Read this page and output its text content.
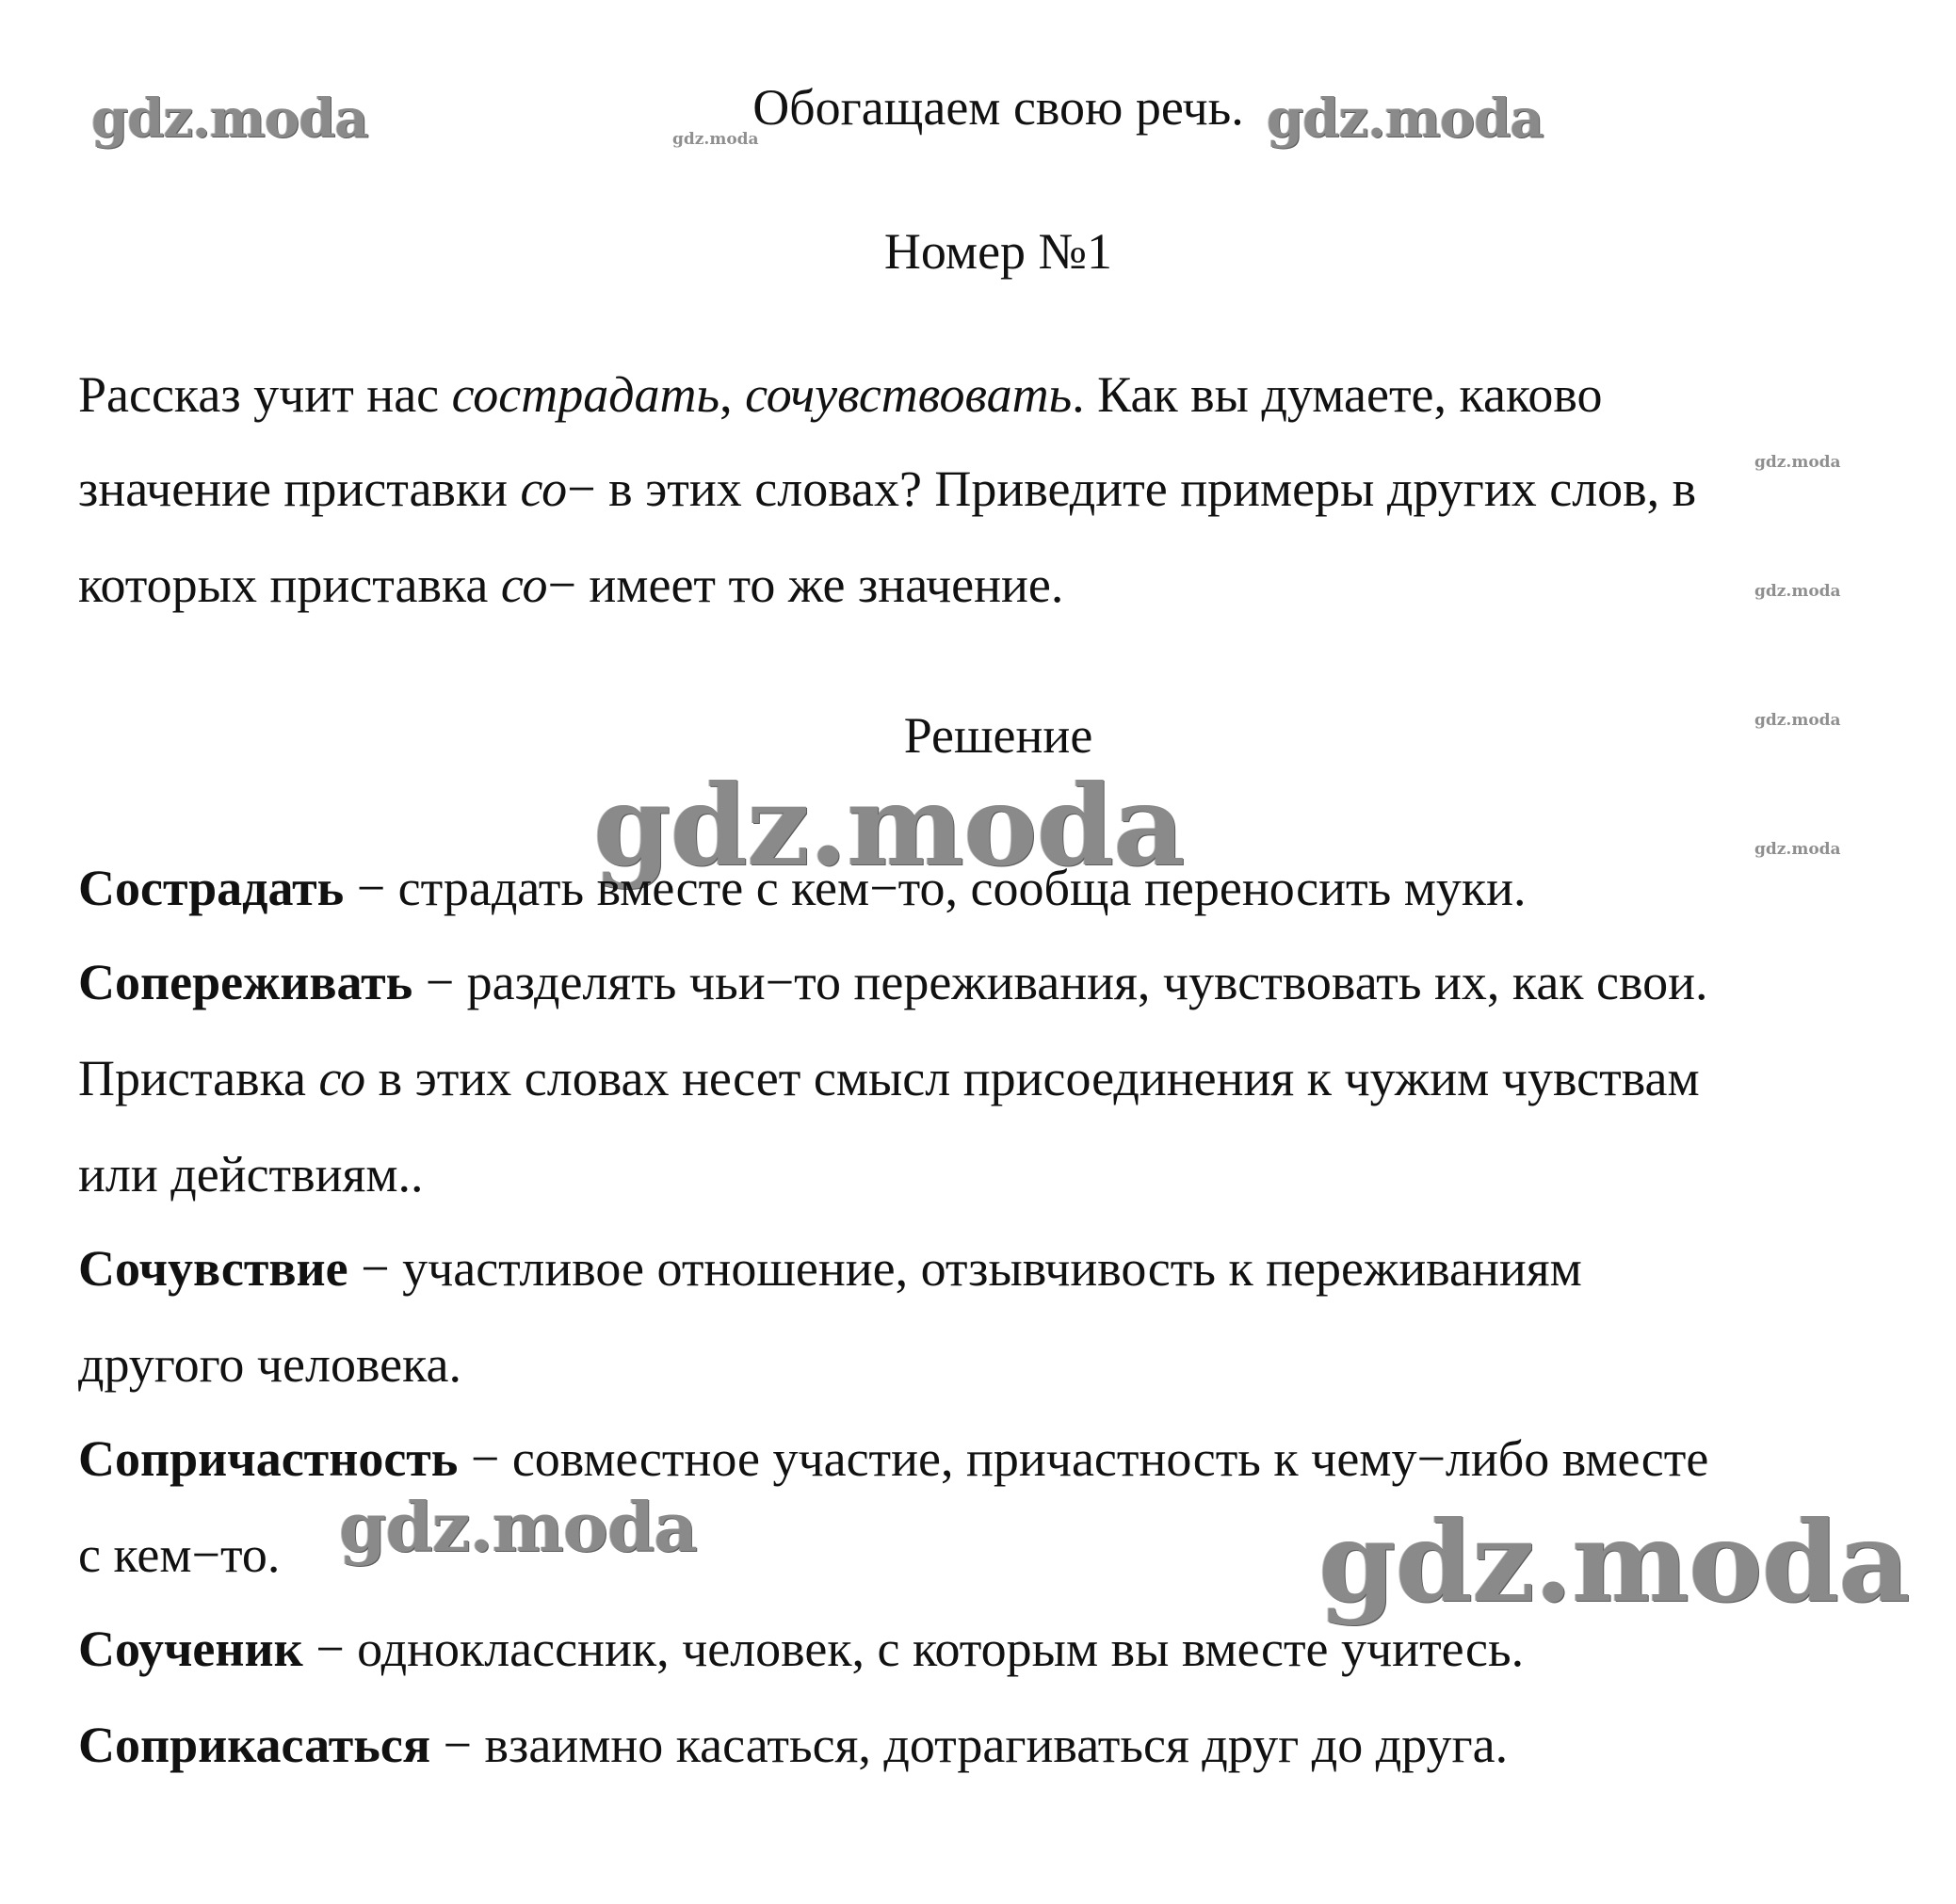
gdz.moda	gdz.moda	gdz.moda
gdz.moda
gdz.moda
gdz.moda
gdz.moda
gdz.moda
gdz.moda	gdz.moda
Обогащаем свою речь.
Номер №1
Рассказ учит нас сострадать, сочувствовать. Как вы думаете, каково
значение приставки со− в этих словах? Приведите примеры других слов, в
которых приставка со− имеет то же значение.
Решение
Сострадать − страдать вместе с кем−то, сообща переносить муки.
Сопереживать − разделять чьи−то переживания, чувствовать их, как свои.
Приставка со в этих словах несет смысл присоединения к чужим чувствам
или действиям..
Сочувствие − участливое отношение, отзывчивость к переживаниям
другого человека.
Сопричастность − совместное участие, причастность к чему−либо вместе
с кем−то.
Соученик − одноклассник, человек, с которым вы вместе учитесь.
Соприкасаться − взаимно касаться, дотрагиваться друг до друга.
